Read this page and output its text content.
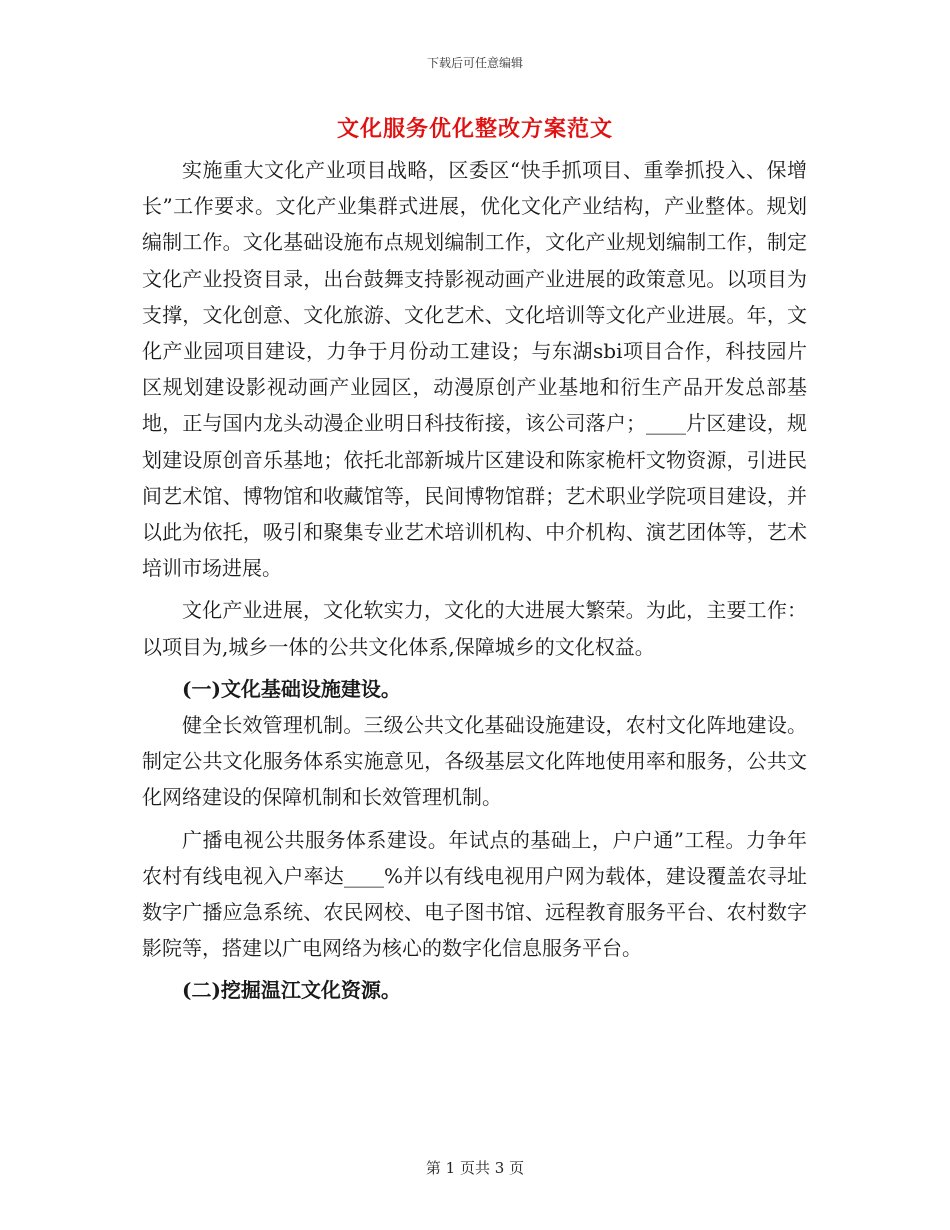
下载后可任意编辑
文化服务优化整改方案范文

实施重大文化产业项目战略，区委区“快手抓项目、重拳抓投入、保增长”工作要求。文化产业集群式进展，优化文化产业结构，产业整体。规划编制工作。文化基础设施布点规划编制工作，文化产业规划编制工作，制定文化产业投资目录，出台鼓舞支持影视动画产业进展的政策意见。以项目为支撑，文化创意、文化旅游、文化艺术、文化培训等文化产业进展。年，文化产业园项目建设，力争于月份动工建设；与东湖sbi项目合作，科技园片区规划建设影视动画产业园区，动漫原创产业基地和衍生产品开发总部基地，正与国内龙头动漫企业明日科技衔接，该公司落户；____片区建设，规划建设原创音乐基地；依托北部新城片区建设和陈家桅杆文物资源，引进民间艺术馆、博物馆和收藏馆等，民间博物馆群；艺术职业学院项目建设，并以此为依托，吸引和聚集专业艺术培训机构、中介机构、演艺团体等，艺术培训市场进展。

文化产业进展，文化软实力，文化的大进展大繁荣。为此，主要工作：以项目为,城乡一体的公共文化体系,保障城乡的文化权益。

(一)文化基础设施建设。

健全长效管理机制。三级公共文化基础设施建设，农村文化阵地建设。制定公共文化服务体系实施意见，各级基层文化阵地使用率和服务，公共文化网络建设的保障机制和长效管理机制。

广播电视公共服务体系建设。年试点的基础上，户户通”工程。力争年农村有线电视入户率达____%并以有线电视用户网为载体，建设覆盖农寻址数字广播应急系统、农民网校、电子图书馆、远程教育服务平台、农村数字影院等，搭建以广电网络为核心的数字化信息服务平台。

(二)挖掘温江文化资源。

第 1 页共 3 页
